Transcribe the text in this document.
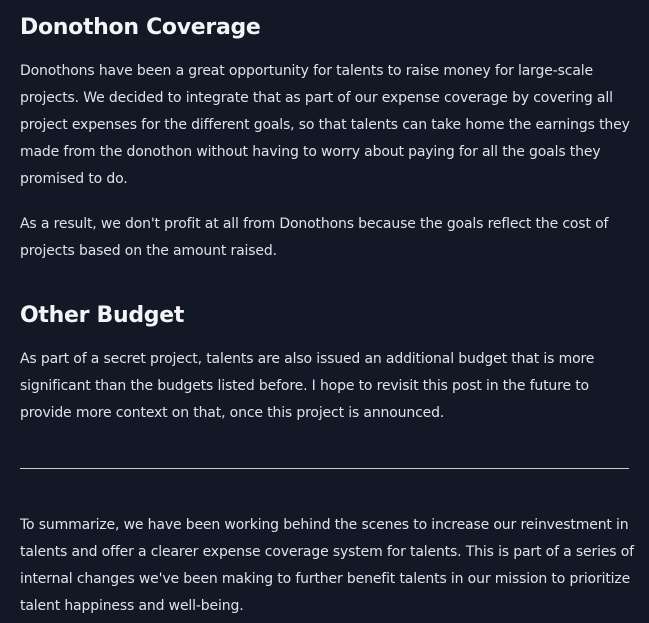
Donothon Coverage

Donothons have been a great opportunity for talents to raise money for large-scale projects. We decided to integrate that as part of our expense coverage by covering all project expenses for the different goals, so that talents can take home the earnings they made from the donothon without having to worry about paying for all the goals they promised to do.

As a result, we don't profit at all from Donothons because the goals reflect the cost of projects based on the amount raised.

Other Budget

As part of a secret project, talents are also issued an additional budget that is more significant than the budgets listed before. I hope to revisit this post in the future to provide more context on that, once this project is announced.

To summarize, we have been working behind the scenes to increase our reinvestment in talents and offer a clearer expense coverage system for talents. This is part of a series of internal changes we've been making to further benefit talents in our mission to prioritize talent happiness and well-being.
